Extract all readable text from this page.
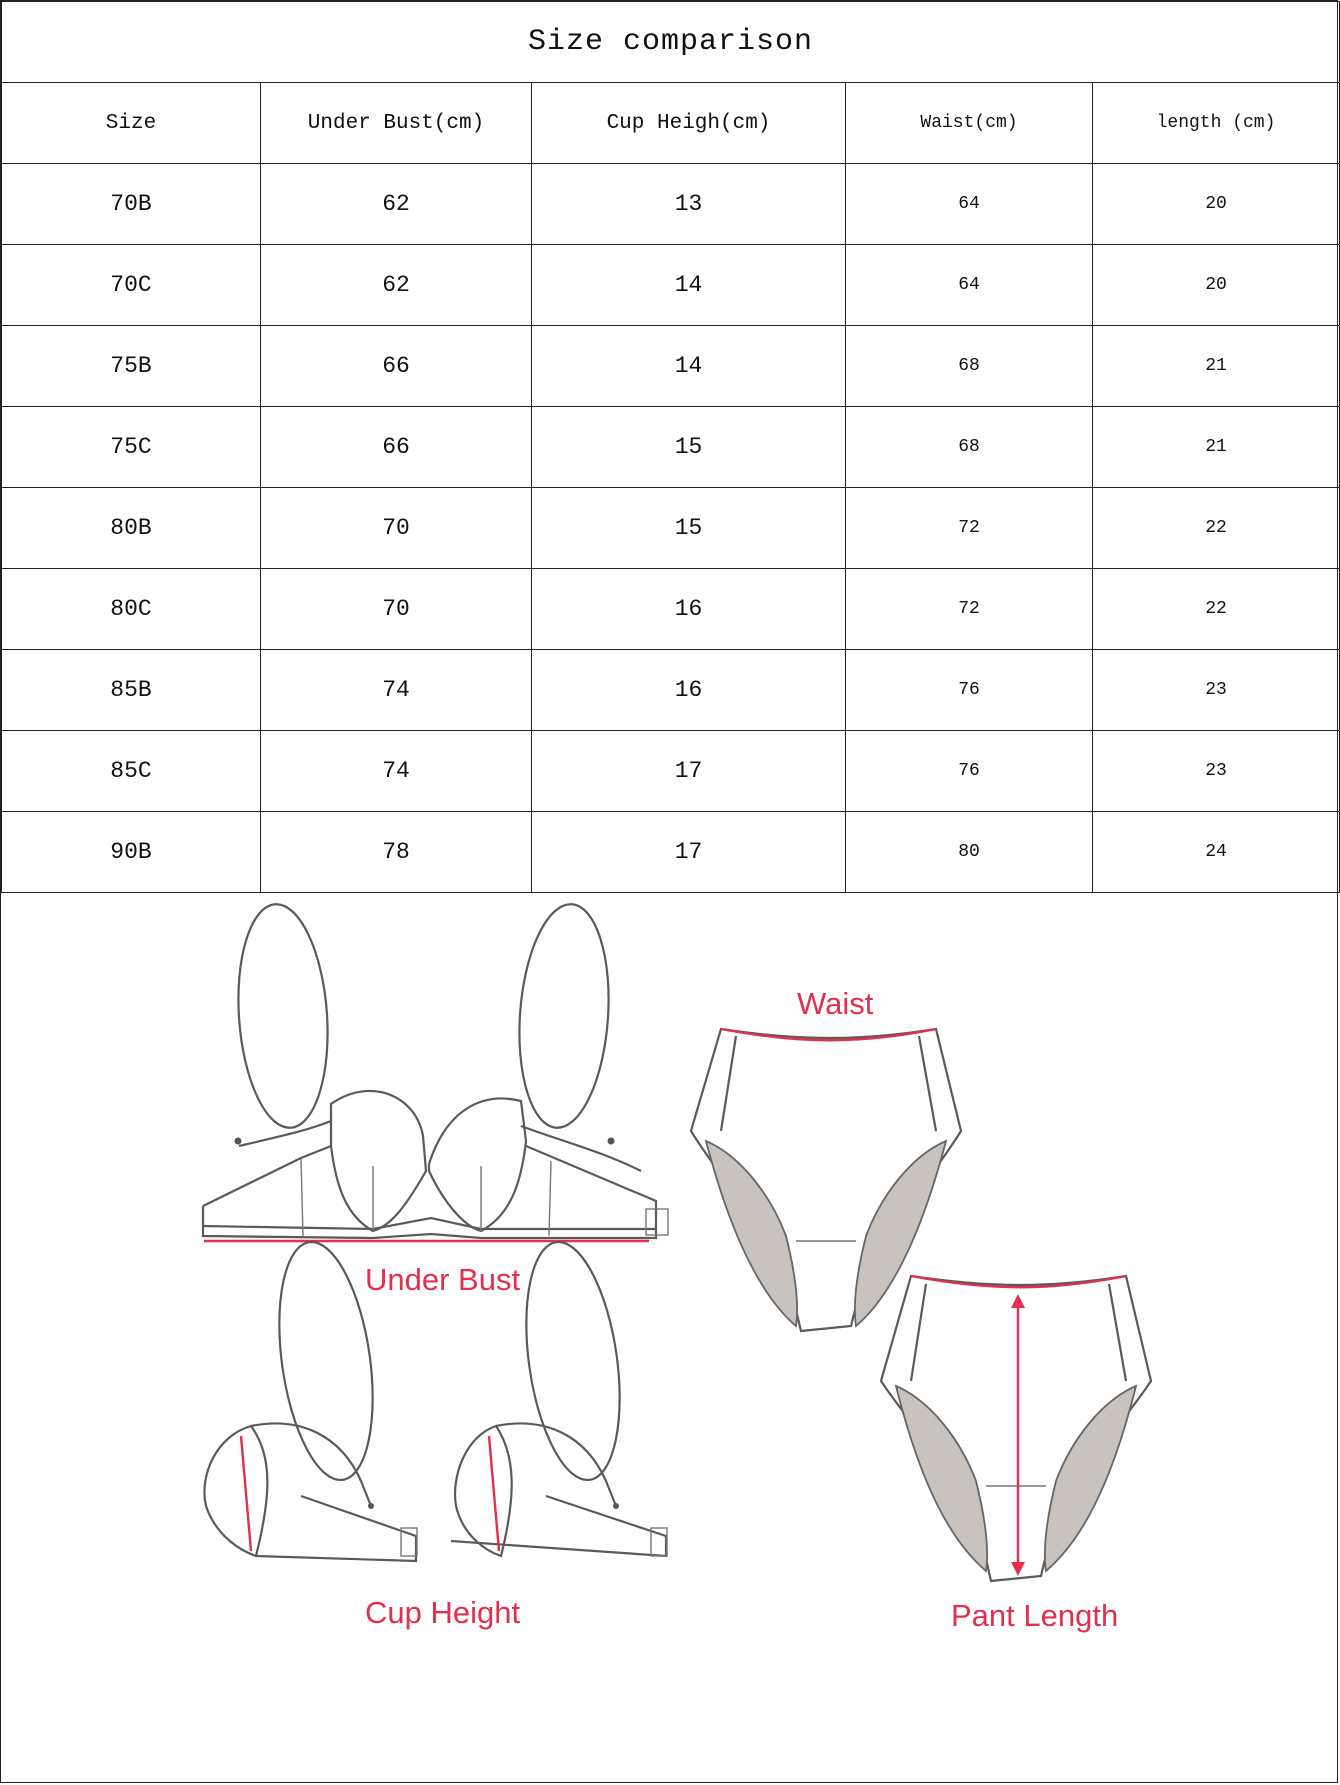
Size comparison				
Size	Under Bust(cm)	Cup Heigh(cm)	Waist(cm)	length (cm)
70B	62	13	64	20
70C	62	14	64	20
75B	66	14	68	21
75C	66	15	68	21
80B	70	15	72	22
80C	70	16	72	22
85B	74	16	76	23
85C	74	17	76	23
90B	78	17	80	24
Under Bust
Cup Height
Waist
Pant Length
